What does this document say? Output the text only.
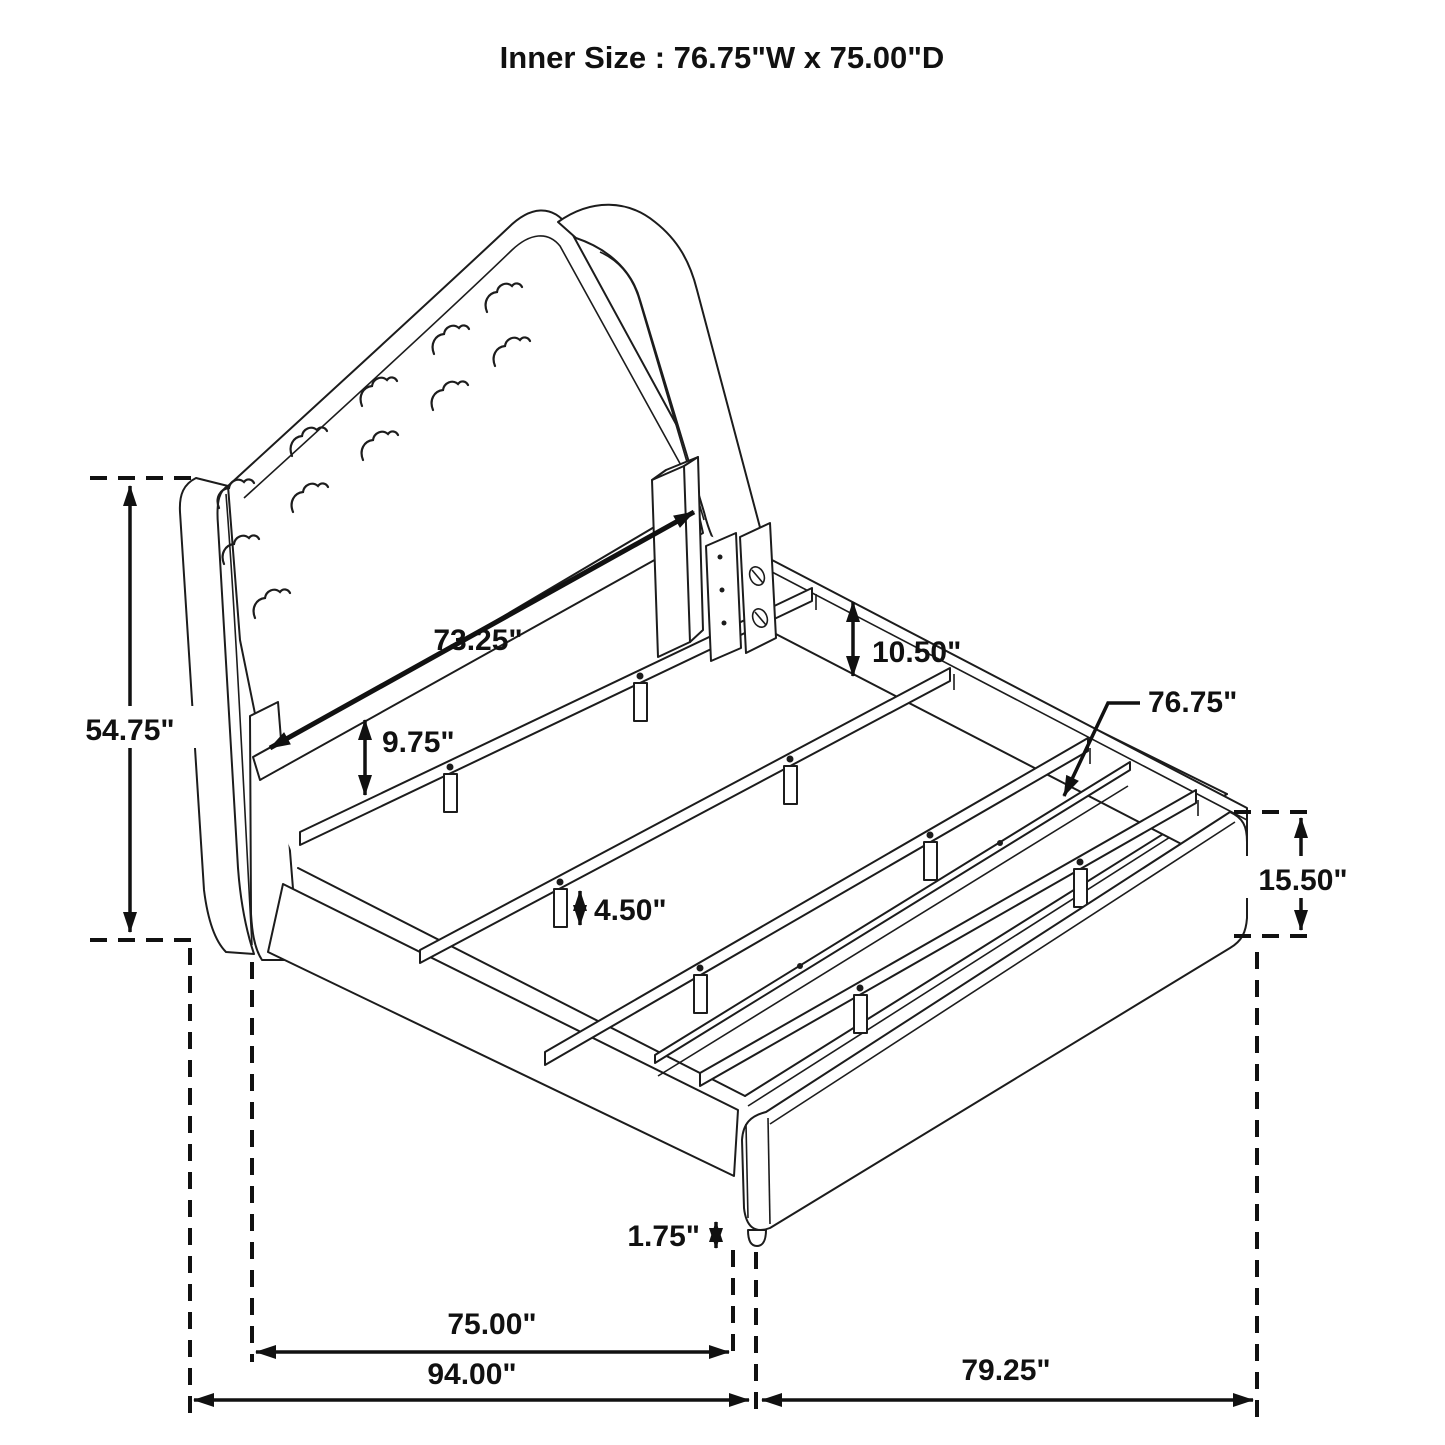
73.25"
54.75"	9.75"
10.50"
76.75"
15.50"
4.50"
1.75"
75.00"
94.00"	79.25"
Inner Size : 76.75"W x 75.00"D
